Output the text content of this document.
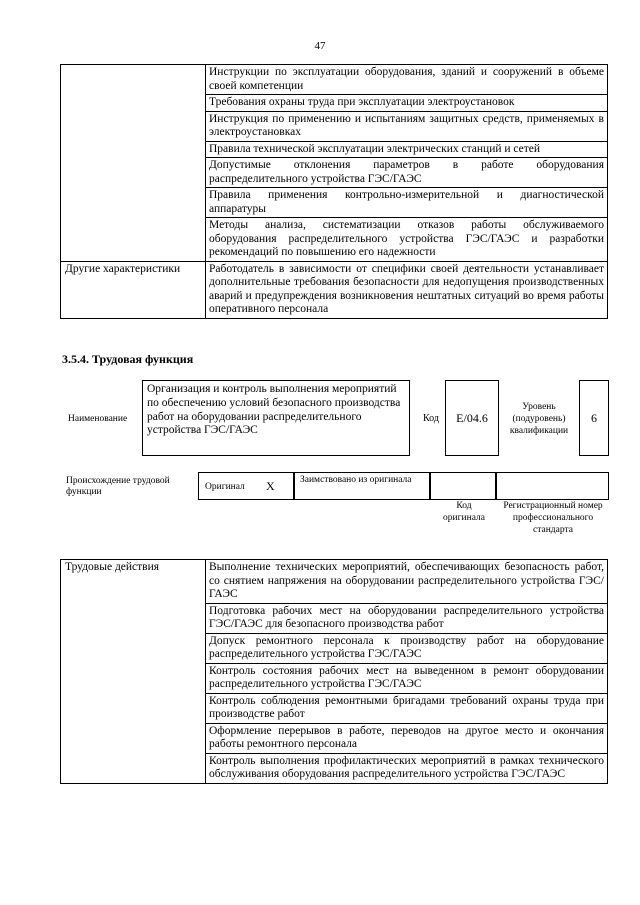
47
	Инструкции по эксплуатации оборудования, зданий и сооружений в объеме своей компетенции
	Требования охраны труда при эксплуатации электроустановок
	Инструкция по применению и испытаниям защитных средств, применяемых в электроустановках
	Правила технической эксплуатации электрических станций и сетей
	Допустимые отклонения параметров в работе оборудования распределительного устройства ГЭС/ГАЭС
	Правила применения контрольно-измерительной и диагностической аппаратуры
	Методы анализа, систематизации отказов работы обслуживаемого оборудования распределительного устройства ГЭС/ГАЭС и разработки рекомендаций по повышению его надежности
Другие характеристики	Работодатель в зависимости от специфики своей деятельности устанавливает дополнительные требования безопасности для недопущения производственных аварий и предупреждения возникновения нештатных ситуаций во время работы оперативного персонала
3.5.4. Трудовая функция
Наименование
Организация и контроль выполнения мероприятий по обеспечению условий безопасного производства работ на оборудовании распределительного устройства ГЭС/ГАЭС
Код E/04.6
Уровень (подуровень) квалификации
6
Происхождение трудовой функции	Оригинал X	Заимствовано из оригинала
Код оригинала
Регистрационный номер профессионального стандарта
Трудовые действия	Выполнение технических мероприятий, обеспечивающих безопасность работ, со снятием напряжения на оборудовании распределительного устройства ГЭС/ГАЭС
Подготовка рабочих мест на оборудовании распределительного устройства ГЭС/ГАЭС для безопасного производства работ
Допуск ремонтного персонала к производству работ на оборудование распределительного устройства ГЭС/ГАЭС
Контроль состояния рабочих мест на выведенном в ремонт оборудовании распределительного устройства ГЭС/ГАЭС
Контроль соблюдения ремонтными бригадами требований охраны труда при производстве работ
Оформление перерывов в работе, переводов на другое место и окончания работы ремонтного персонала
Контроль выполнения профилактических мероприятий в рамках технического обслуживания оборудования распределительного устройства ГЭС/ГАЭС
